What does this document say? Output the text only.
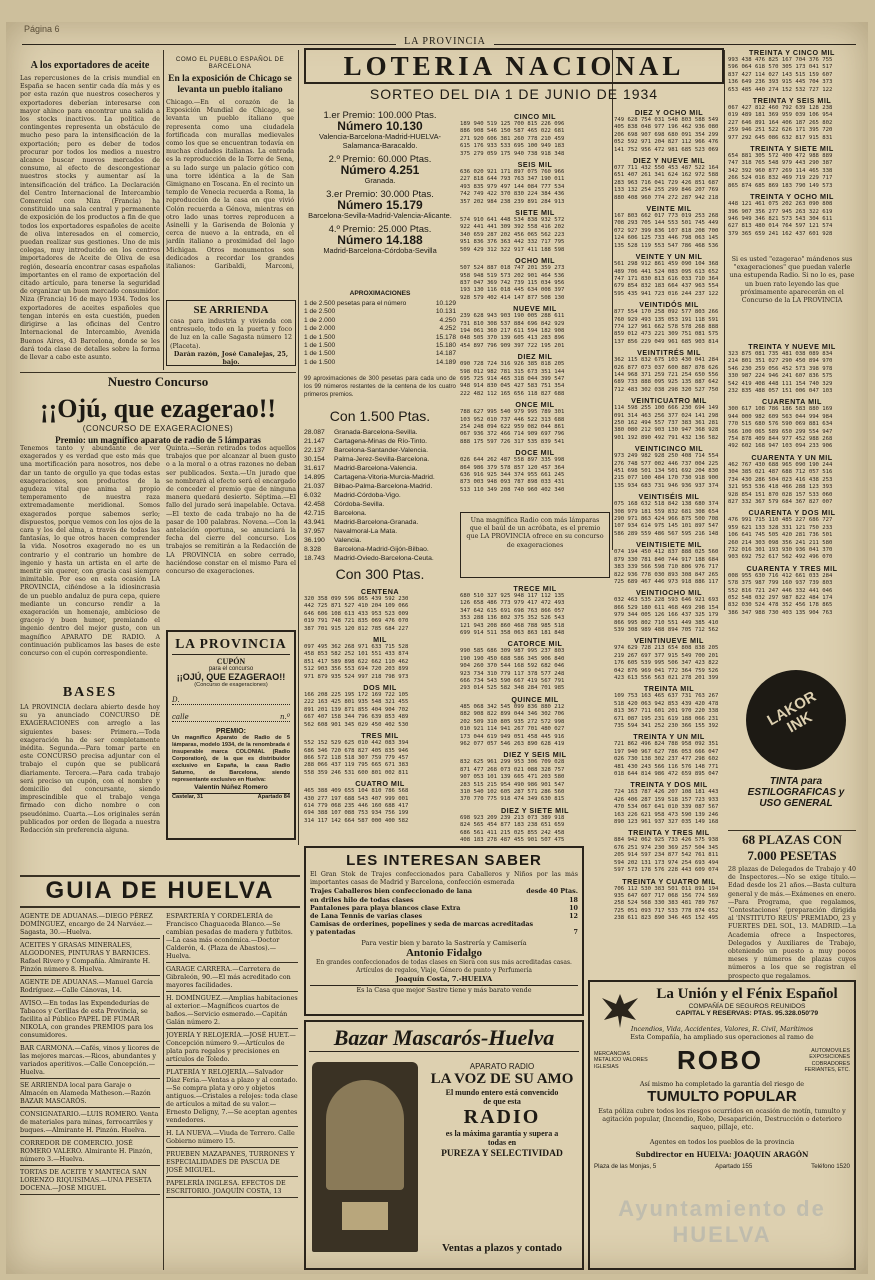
Página 6
LA PROVINCIA
A los exportadores de aceite
Las repercusiones de la crisis mundial en España se hacen sentir cada día más y es por esta razón que nuestros cosecheros y exportadores deberían interesarse con mayor ahinco para encontrar una salida a los stocks inactivos. La política de contingentes representa un obstáculo de mucho peso para la intensificación de la exportación; pero es deber de todos procurar por todos los medios a nuestro alcance buscar nuevos mercados de consumo, al efecto de descongestionar nuestros stocks y aumentar así la intensificación del tráfico. La Declaración del Centro Internacional de Intercambio Comercial con Niza (Francia) ha constituido una sala central y permanente de exposición de los productos a fin de que todos los exportadores españoles de aceite de oliva interesados en el comercio, puedan realizar sus gestiones. Uno de mis colegas, muy introducido en los centros importadores de Aceite de Oliva de esa región, desearía encontrar casas españolas importantes en el ramo de exportación del citado artículo, para tenerse la seguridad de organizar un buen mercado consumidor. Niza (Francia) 16 de mayo 1934. Todos los exportadores de aceites españoles que tengan interés en esta cuestión, pueden dirigirse a las oficinas del Centro Internacional de Intercambio, Avenida Buenos Aires, 43 Barcelona, donde se les dará toda clase de detalles sobre la forma de llevar a cabo este asunto.
COMO EL PUEBLO ESPAÑOL DE BARCELONA
En la exposición de Chicago se levanta un pueblo italiano
Chicago.—En el corazón de la Exposición Mundial de Chicago, se levanta un pueblo italiano que representa como una ciudadela fortificada con murallas medievales como los que se encuentran todavía en muchas ciudades italianas. La entrada es la reproducción de la Torre de Sena, a su lado surge un palacio gótico con una torre idéntica a la de San Gimignano en Toscana. En el recinto un templo de Venecia recuerda a Roma, la reproducción de la casa en que vivió Colón recuerda a Génova, mientras en otro lado unas torres reproducen a Asinelli y la Garisenda de Bolonia y cerca de nuevo a la entrada, en el jardín italiano a proximidad del lago Michigan. Otros monumentos son dedicados a recordar los grandes italianos: Garibaldi, Marconi,
SE ARRIENDA
casa para industria y vivienda con entresuelo, todo en la puerta y foco de luz en la calle Sagasta número 12 (Placeta).
Darán razón, José Canalejas, 25, bajo.
Nuestro Concurso
¡¡Ojú, que ezagerao!!
(CONCURSO DE EXAGERACIONES)
Premio: un magnífico aparato de radio de 5 lámparas
Tenemos tanto y abundante de ver exagerados y es verdad que esto más que una mortificación para nosotros, nos debe dar un tanto de orgullo ya que todas estas exageraciones, son productos de la agudeza vital que anima al propio temperamento de nuestra raza extremadamente meridional. Somos exagerados porque sabemos serlo; dispuestos, porque vemos con los ojos de la cara y los del alma, a través de todas las fantasías, lo que otros hacen comprender la vida. Nosotros exagerado no es un contrario y el contrario un hombre de ingenio y hasta un artista en el arte de mentir sin querer, con gracia casi siempre inimitable. Por eso en esta ocasión LA PROVINCIA, ciñéndose a la idiosincrasia de un pueblo andaluz de pura cepa, quiere mediante un concurso rendir a la exageración un homenaje, ambicioso de gracejo y buen humor, premiando el ingenio dentro del mejor gusto, con un magnífico APARATO DE RADIO. A continuación publicamos las bases de este concurso con el cupón correspondiente.
Quinta.—Serán retirados todos aquellos trabajos que por alcanzar al buen gusto o a la moral o a otras razones no deban ser publicados. Sexta.—Un jurado que se nombrará al efecto será el encargado de conceder el premio que de ninguna manera quedará desierto. Séptima.—El fallo del jurado será inapelable. Octava.—El texto de cada trabajo no ha de pasar de 100 palabras. Novena.—Con la antelación oportuna, se anunciará la fecha del cierre del concurso. Los trabajos se remitirán a la Redacción de LA PROVINCIA en sobre cerrado, haciéndose constar en el mismo Para el concurso de exageraciones.
BASES
LA PROVINCIA declara abierto desde hoy su ya anunciado CONCURSO DE EXAGERACIONES con arreglo a las siguientes bases: Primera.—Toda exageración ha de ser completamente inédita. Segunda.—Para tomar parte en este CONCURSO precisa adjuntar con el trabajo el cupón que se publicará diariamente. Tercera.—Para cada trabajo será preciso un cupón, con el nombre y domicilio del concursante, siendo imprescindible que el trabajo venga firmado con dicho nombre o con pseudónimo. Cuarta.—Los originales serán publicados por orden de llegada a nuestra Redacción sin preferencia alguna.
LA PROVINCIA
CUPÓN
para el concurso
¡¡OJÚ, QUE EZAGERAO!!
(Concurso de exageraciones)
D.
calle	n.º
PREMIO:
Un magnífico Aparato de Radio de 5 lámparas, modelo 1934, de la renombrada é insuperable marca COLONIAL (Radio Corporation), de la que es distribuidor exclusivo en España, la casa Radio Saturno, de Barcelona, siendo representante exclusivo en Huelva:
Valentín Núñez Romero
Castelar, 31	Apartado 84
GUIA DE HUELVA
AGENTE DE ADUANAS.—DIEGO PÉREZ DOMÍNGUEZ, encargo de 24 Narváez.—Sagasta, 30.—Huelva.
ACEITES Y GRASAS MINERALES, ALGODONES, PINTURAS Y BARNICES. Rafael Rivero y Compañía. Almirante H. Pinzón número 8. Huelva.
AGENTE DE ADUANAS.—Manuel García Rodríguez.—Calle Cánovas, 14.
AVISO.—En todas las Expendedurías de Tabacos y Cerillas de esta Provincia, se facilita al Público PAPEL DE FUMAR NIKOLA, con grandes PREMIOS para los consumidores.
BAR CARMONA.—Cafés, vinos y licores de las mejores marcas.—Ricos, abundantes y variados aperitivos.—Calle Concepción.—Huelva.
SE ARRIENDA local para Garaje o Almacén en Alameda Matheson.—Razón BAZAR MASCARÓS.
CONSIGNATARIO.—LUIS ROMERO. Venta de materiales para minas, ferrocarriles y buques.—Almirante H. Pinzón. Huelva.
CORREDOR DE COMERCIO. JOSÉ ROMERO VALERO. Almirante H. Pinzón, número 3.—Huelva.
TORTAS DE ACEITE Y MANTECA SAN LORENZO RIQUISIMAS.—UNA PESETA DOCENA.—JOSÉ MIGUEL
ESPARTERÍA Y CORDELERÍA de Francisco Chaguaceda Blanco.—Se cambian pesadas de madera y futbitos.—La casa más económica.—Doctor Calderón, 4. (Plaza de Abastos).—Huelva.
GARAGE CARRERA.—Carretera de Gibraleón, 90.—El más acreditado con mayores facilidades.
H. DOMÍNGUEZ.—Amplias habitaciones al exterior.—Magníficos cuartos de baños.—Servicio esmerado.—Capitán Galán número 2.
JOYERÍA Y RELOJERÍA.—JOSÉ HUET.—Concepción número 9.—Artículos de plata para regalos y precisiones en artículos de Toledo.
PLATERÍA Y RELOJERÍA.—Salvador Díaz Feria.—Ventas a plazo y al contado.—Se compra plata y oro y objetos antiguos.—Cristales a relojes: toda clase de artículos a mitad de su valor.—Ernesto Deligny, 7.—Se aceptan agentes vendedores.
H. LA NUEVA.—Viuda de Terrero. Calle Gobierno número 15.
PRUEBEN MAZAPANES, TURRONES Y ESPECIALIDADES DE PASCUA DE JOSÉ MIGUEL.
PAPELERÍA INGLESA. EFECTOS DE ESCRITORIO. JOAQUÍN COSTA, 13
LOTERIA NACIONAL
SORTEO DEL DIA 1 DE JUNIO DE 1934
1.er Premio: 100.000 Ptas.
Número 10.130
Valencia-Barcelona-Madrid-HUELVA-Salamanca-Baracaldo.
2.º Premio: 60.000 Ptas.
Número 4.251
Granada.
3.er Premio: 30.000 Ptas.
Número 15.179
Barcelona-Sevilla-Madrid-Valencia-Alicante.
4.º Premio: 25.000 Ptas.
Número 14.188
Madrid-Barcelona-Córdoba-Sevilla
APROXIMACIONES
1 de 2.500 pesetas para el número	10.129
1 de 2.500	10.131
1 de 2.000	4.250
1 de 2.000	4.252
1 de 1.500	15.178
1 de 1.500	15.180
1 de 1.500	14.187
1 de 1.500	14.189
99 aproximaciones de 300 pesetas para cada uno de los 99 números restantes de la centena de los cuatro primeros premios.
Con 1.500 Ptas.
28.087	Granada-Barcelona-Sevilla.
21.147	Cartagena-Minas de Río-Tinto.
22.137	Barcelona-Santander-Valencia.
30.154	Palma-Jerez-Sevilla-Barcelona.
31.617	Madrid-Barcelona-Valencia.
14.895	Cartagena-Vitoria-Murcia-Madrid.
21.037	Bilbao-Palma-Barcelona-Madrid.
6.032	Madrid-Córdoba-Vigo.
42.458	Córdoba-Sevilla.
42.715	Barcelona.
43.941	Madrid-Barcelona-Granada.
37.957	Navalmoral-La Mata.
36.190	Valencia.
8.328	Barcelona-Madrid-Gijón-Bilbao.
18.743	Madrid-Oviedo-Barcelona-Ceuta.
Con 300 Ptas.
CENTENA
320 358 099 596 865 439 592 230
442 725 871 527 410 204 109 066
646 606 108 613 433 953 523 009
019 791 748 721 835 069 476 070
387 701 915 120 812 785 684 227
MIL
097 495 362 268 971 633 715 528
458 853 582 252 101 551 433 874
851 417 589 898 622 662 110 462
512 903 356 553 694 720 203 899
971 879 935 524 997 218 798 973
DOS MIL
166 208 225 195 172 169 722 105
222 163 425 801 935 548 321 455
891 201 139 871 855 404 904 702
667 407 158 344 796 639 853 489
562 608 901 345 029 450 402 530
TRES MIL
552 152 529 625 010 442 083 394
686 346 720 678 827 405 835 946
866 572 118 518 307 759 779 457
288 066 437 119 795 665 671 383
558 359 246 531 600 801 002 811
CUATRO MIL
465 388 409 655 104 810 786 568
430 277 197 688 543 407 999 001
614 779 068 235 446 160 688 417
694 388 107 088 753 934 756 199
314 117 142 664 587 000 400 582
CINCO MIL
189 940 519 125 700 815 226 096
886 908 546 150 587 465 022 681
271 920 606 381 260 778 210 459
615 176 933 533 695 100 949 183
375 279 059 175 940 738 918 348
SEIS MIL
636 020 921 171 897 075 760 966
227 818 644 793 763 347 190 011
493 835 979 497 144 084 777 534
742 749 422 370 830 224 384 436
357 202 984 238 239 891 284 913
SIETE MIL
574 910 641 448 534 838 932 572
922 441 441 309 392 558 416 202
340 659 287 202 456 065 562 223
951 836 376 363 442 332 717 795
509 429 312 322 917 411 188 598
OCHO MIL
507 524 887 018 747 201 359 273
958 948 519 573 202 901 464 536
837 047 369 742 739 115 034 956
193 130 116 018 445 634 008 397
928 579 402 414 147 877 508 130
NUEVE MIL
239 628 943 903 190 005 288 611
731 810 308 537 884 696 842 929
194 061 360 217 611 594 182 908
048 505 370 139 605 413 283 896
454 897 796 909 397 722 195 201
DIEZ MIL
090 728 724 316 926 385 818 205
598 012 982 781 315 673 351 144
695 725 914 465 318 044 399 547
948 914 830 045 427 583 751 354
222 482 112 165 656 118 827 688
ONCE MIL
788 627 995 540 979 995 789 301
103 952 010 737 446 522 313 688
254 248 094 622 959 082 044 861
067 936 372 466 714 909 697 796
888 175 597 726 317 535 839 541
DOCE MIL
026 644 262 487 558 897 335 998
864 986 379 578 857 120 457 364
636 916 925 344 374 955 661 245
873 003 948 093 787 898 033 431
513 110 349 208 740 960 402 340
Una magnífica Radio con más lámparas que el baúl de un acróbata, es el premio que LA PROVINCIA ofrece en su concurso de exageraciones
TRECE MIL
680 510 327 925 948 117 112 135
126 658 486 773 979 417 472 493
347 642 615 691 698 763 866 057
353 288 136 802 375 352 526 543
121 943 208 860 468 788 985 518
699 914 511 358 063 863 181 848
CATORCE MIL
990 585 686 309 987 995 237 803
190 190 450 688 586 345 906 840
904 260 370 544 168 592 682 046
923 734 310 779 117 378 577 248
666 734 543 590 667 419 567 791
293 014 525 582 348 284 701 985
QUINCE MIL
485 068 342 545 099 836 880 212
882 908 822 899 044 346 302 706
202 509 310 805 935 272 572 998
010 921 114 941 267 701 480 027
173 044 619 949 051 458 445 916
962 077 057 546 263 890 628 419
DIEZ Y SEIS MIL
832 625 961 299 953 306 709 028
871 477 268 073 021 088 328 757
907 053 101 139 665 471 203 580
283 515 215 954 490 986 901 547
310 540 102 605 287 571 286 560
370 770 775 918 474 349 630 815
DIEZ Y SIETE MIL
698 923 209 239 213 073 389 918
824 565 454 877 183 238 651 659
686 561 411 215 025 855 242 458
408 183 278 487 455 901 507 475

DIEZ Y OCHO MIL
749 628 754 031 548 803 588 549
405 838 048 977 196 462 936 080
206 698 907 698 680 091 354 299
052 592 971 204 827 112 966 476
141 752 956 472 981 685 523 069
DIEZ Y NUEVE MIL
077 711 432 550 453 487 522 164
651 407 261 341 624 162 972 588
283 963 716 041 729 426 851 687
133 132 254 255 299 846 207 769
880 408 960 774 272 287 942 218
VEINTE MIL
167 803 662 017 773 019 253 268
708 293 705 144 553 501 745 449
072 927 399 836 107 818 208 700
124 606 125 733 446 798 063 145
135 528 119 553 547 786 468 536
VEINTE Y UN MIL
561 298 912 861 459 090 104 368
489 706 441 524 083 095 613 652
747 171 830 813 616 033 710 364
679 854 832 183 664 437 963 554
595 435 941 723 016 244 237 122
VEINTIDÓS MIL
877 554 170 258 092 577 803 266
760 929 493 135 053 191 118 591
774 127 961 662 578 578 268 888
859 012 473 221 309 751 081 575
137 856 229 049 961 685 903 814
VEINTITRÉS MIL
362 115 832 675 103 430 041 284
026 877 073 037 600 887 878 626
144 968 371 259 721 254 650 556
689 733 888 095 925 135 887 642
712 483 302 038 298 320 527 750
VEINTICUATRO MIL
114 598 255 100 666 230 694 149
091 314 463 256 377 024 141 298
250 162 494 557 737 383 361 281
380 080 212 903 130 947 368 928
901 192 890 492 791 432 136 582
VEINTICINCO MIL
973 249 982 928 250 408 714 554
276 748 577 002 446 737 004 225
451 698 501 134 501 692 204 830
215 077 100 484 170 730 918 900
135 934 683 731 946 936 937 374
VEINTISÉIS MIL
075 168 632 518 842 138 680 374
308 979 181 559 832 681 308 654
290 971 863 424 966 875 500 708
107 934 614 975 145 101 897 547
586 289 559 486 567 595 216 148
VEINTISIETE MIL
074 194 450 412 837 888 025 560
879 330 781 840 744 917 188 684
383 339 566 598 710 806 976 717
822 936 778 030 893 308 847 265
725 689 467 446 973 918 886 117
VEINTIOCHO MIL
032 463 535 228 593 646 921 693
866 529 180 611 468 469 298 154
979 344 005 126 166 437 325 179
866 995 802 710 551 449 385 410
539 308 989 488 894 705 712 562
VEINTINUEVE MIL
974 629 728 213 654 808 838 205
219 267 697 377 915 549 700 201
176 605 539 995 506 347 423 822
042 876 969 041 772 364 759 526
423 613 556 563 021 278 201 399
TREINTA MIL
109 753 163 465 637 731 763 267
518 420 063 942 853 439 420 478
813 367 711 601 201 970 220 338
671 087 195 231 619 188 066 231
735 594 341 252 230 366 155 392
TREINTA Y UN MIL
721 862 496 824 788 958 092 351
197 940 967 627 786 053 666 047
026 730 138 302 237 477 298 602
481 430 243 566 116 576 148 771
018 644 814 986 472 659 895 047
TREINTA Y DOS MIL
724 163 787 426 207 108 181 443
426 406 287 159 518 157 723 933
470 534 067 641 010 339 087 567
163 226 621 958 473 590 139 246
890 123 961 937 327 035 149 168
TREINTA Y TRES MIL
884 942 062 925 733 426 575 938
676 251 974 230 369 257 504 345
205 914 597 234 877 542 761 811
594 202 131 173 974 254 693 494
597 573 178 576 228 443 609 074
TREINTA Y CUATRO MIL
706 112 530 383 501 011 891 194
935 647 607 717 068 156 774 569
258 524 568 330 383 481 789 767
725 051 093 717 533 778 874 652
238 611 823 890 346 465 152 495
TREINTA Y CINCO MIL
993 438 476 825 167 704 376 755
596 064 618 570 305 173 041 517
837 427 114 027 143 515 159 607
136 649 236 393 915 445 704 373
653 485 440 274 152 532 727 122
TREINTA Y SEIS MIL
067 427 812 460 792 639 128 238
019 489 181 369 959 039 106 954
227 646 891 164 406 187 265 802
259 946 251 522 626 171 395 720
977 292 645 086 632 817 915 831
TREINTA Y SIETE MIL
654 881 305 572 400 472 988 889
747 318 765 548 979 443 290 387
342 392 960 877 269 114 465 338
266 524 016 832 469 719 229 717
865 874 685 869 183 790 149 573
TREINTA Y OCHO MIL
448 121 461 075 202 263 090 808
396 907 356 277 945 263 322 619
946 949 346 821 573 543 304 611
627 813 480 014 764 597 121 574
379 365 659 241 162 437 601 928
Si es usted "ezagerao" mándenos sus "exageraciones" que puedan valerle una estupenda Radio. Si no lo es, pase un buen rato leyendo las que próximamente aparecerán en el Concurso de la LA PROVINCIA
TREINTA Y NUEVE MIL
323 875 081 735 481 038 089 834
214 801 351 027 290 450 894 970
546 230 259 056 452 573 398 978
330 987 224 946 241 607 836 575
542 419 408 448 111 154 740 329
232 835 488 057 151 006 047 103
CUARENTA MIL
300 617 108 786 186 583 880 169
944 000 982 609 563 044 994 984
770 515 680 576 590 069 881 634
566 100 065 589 650 299 554 947
754 878 409 844 977 452 988 268
492 602 168 947 103 094 233 906
CUARENTA Y UN MIL
462 767 430 688 965 090 190 244
304 385 021 487 688 712 057 516
734 430 286 504 023 416 438 253
321 953 536 418 466 288 123 393
928 854 151 870 028 157 533 060
827 332 367 579 684 367 827 007
CUARENTA Y DOS MIL
476 991 715 110 485 227 686 727
959 621 133 328 331 121 750 233
106 641 745 505 420 281 736 501
260 214 303 098 356 241 211 580
732 016 301 193 930 936 041 370
903 692 752 617 562 492 496 070
CUARENTA Y TRES MIL
008 955 630 716 412 661 033 284
578 375 987 799 160 937 739 803
552 816 721 247 446 332 441 046
052 548 032 297 987 822 484 174
832 030 524 478 352 456 178 865
386 347 988 730 403 135 904 763
LAKOR INK
TINTA para ESTILOGRAFICAS y USO GENERAL
68 PLAZAS CON
7.000 PESETAS
28 plazas de Delegados de Trabajo y 40 de Inspectores.—No se exige título.—Edad desde los 21 años.—Basta cultura general y de más.—Exámenes en enero.—Para Programa, que regalamos, 'Contestaciones' (preparación dirigida al 'INSTITUTO REUS' PREMIADO, 23 y FUERTES DEL SOL, 13. MADRID.—La Academia ofrece a Inspectores, Delegados y Auxiliares de Trabajo, obteniendo un puesto a muy pocos meses y números de plazas cuyos números a los que se registran el prospecto que regalamos.
LES INTERESAN SABER
El Gran Stok de Trajes confeccionados para Caballeros y Niños por las más importantes casas de Madrid y Barcelona, confección esmerada
Trajes Caballeros bien confeccionado de lana	desde 40 Ptas.
en driles hilo de todas clases	18
Pantalones para playa blancos clase Extra	10
de Lana Tennis de varias clases	12
Camisas de orderines, popelines y seda de marcas acreditadas
y patentadas	7
Para vestir bien y barato la Sastrería y Camisería
Antonio Fidalgo
En grandes confeccionados de todas clases en Siera con sus más acreditadas casas. Artículos de regalos, Viaje, Género de punto y Perfumería
Joaquín Costa, 7.-HUELVA
Es la Casa que mejor Sastre tiene y más barato vende
Bazar Mascarós-Huelva
APARATO RADIO
LA VOZ DE SU AMO
El mundo entero está convencido
de que esta
RADIO
es la máxima garantía y supera a
todas en
PUREZA Y SELECTIVIDAD
Ventas a plazos y contado
La Unión y el Fénix Español
COMPAÑÍA DE SEGUROS REUNIDOS
CAPITAL Y RESERVAS: PTAS. 95.328.050'79
Incendios, Vida, Accidentes, Valores, R. Civil, Marítimos
Esta Compañía, ha ampliado sus operaciones al ramo de
MERCANCIAS METALICO VALORES IGLESIAS	ROBO	AUTOMOVILES EXPOSICIONES COBRADORES FERIANTES, ETC.
Así mismo ha completado la garantía del riesgo de
TUMULTO POPULAR
Esta póliza cubre todos los riesgos ocurridos en ocasión de motín, tumulto y agitación popular, (Incendio, Robo, Desaparición, Destrucción o deterioro saqueo, pillaje, etc.
Agentes en todos los pueblos de la provincia
Subdirector en HUELVA: JOAQUIN ARAGÓN
Plaza de las Monjas, 5	Apartado 155	Teléfono 1520
Ayuntamiento de HUELVA
